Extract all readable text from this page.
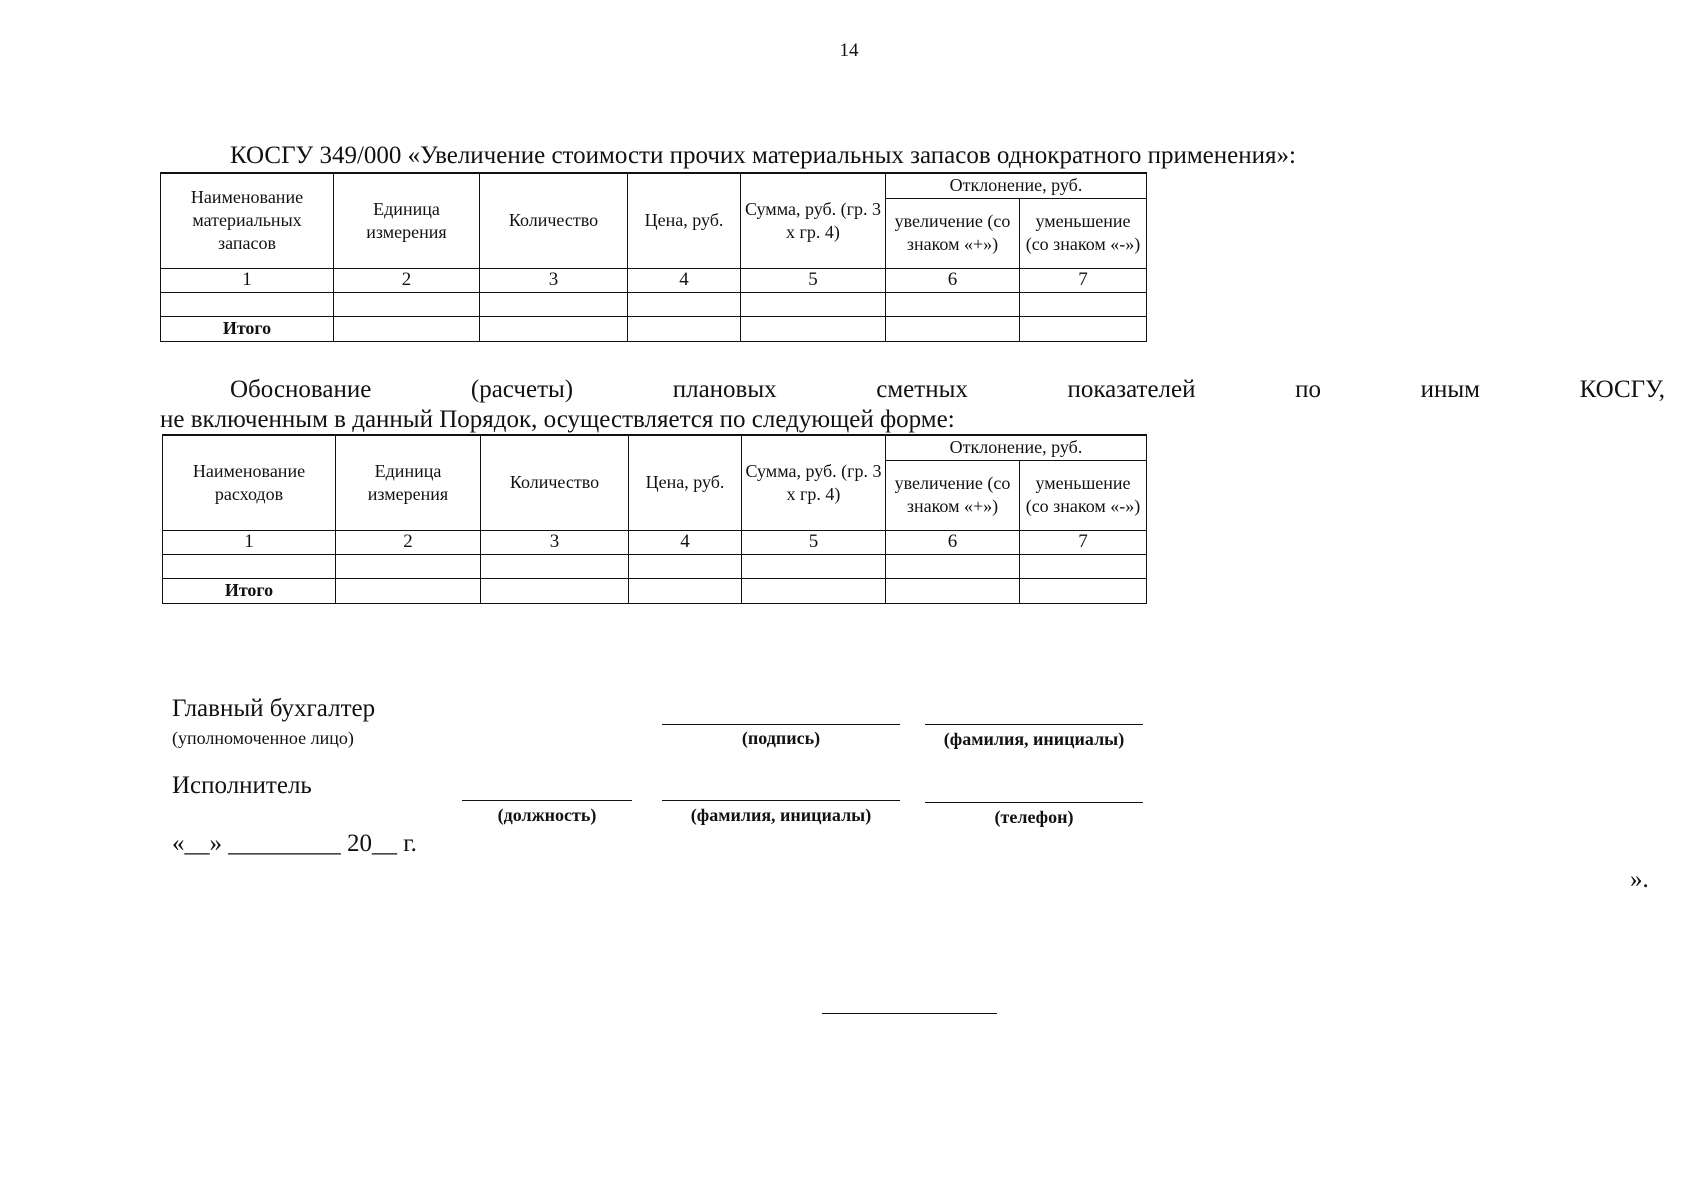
14
КОСГУ 349/000 «Увеличение стоимости прочих материальных запасов однократного применения»:
Наименование материальных запасов	Единица измерения	Количество	Цена, руб.	Сумма, руб. (гр. 3 х гр. 4)	Отклонение, руб.	
					увеличение (со знаком «+»)	уменьшение (со знаком «-»)
1	2	3	4	5	6	7

Итого						
Обоснование	(расчеты)	плановых	сметных	показателей	по	иным	КОСГУ,
не включенным в данный Порядок, осуществляется по следующей форме:
Наименование расходов	Единица измерения	Количество	Цена, руб.	Сумма, руб. (гр. 3 х гр. 4)	Отклонение, руб.	
					увеличение (со знаком «+»)	уменьшение (со знаком «-»)
1	2	3	4	5	6	7

Итого						
Главный бухгалтер
(уполномоченное лицо)	(подпись)	(фамилия, инициалы)
Исполнитель
(должность)	(фамилия, инициалы)	(телефон)
«__» _________ 20__ г.
».
